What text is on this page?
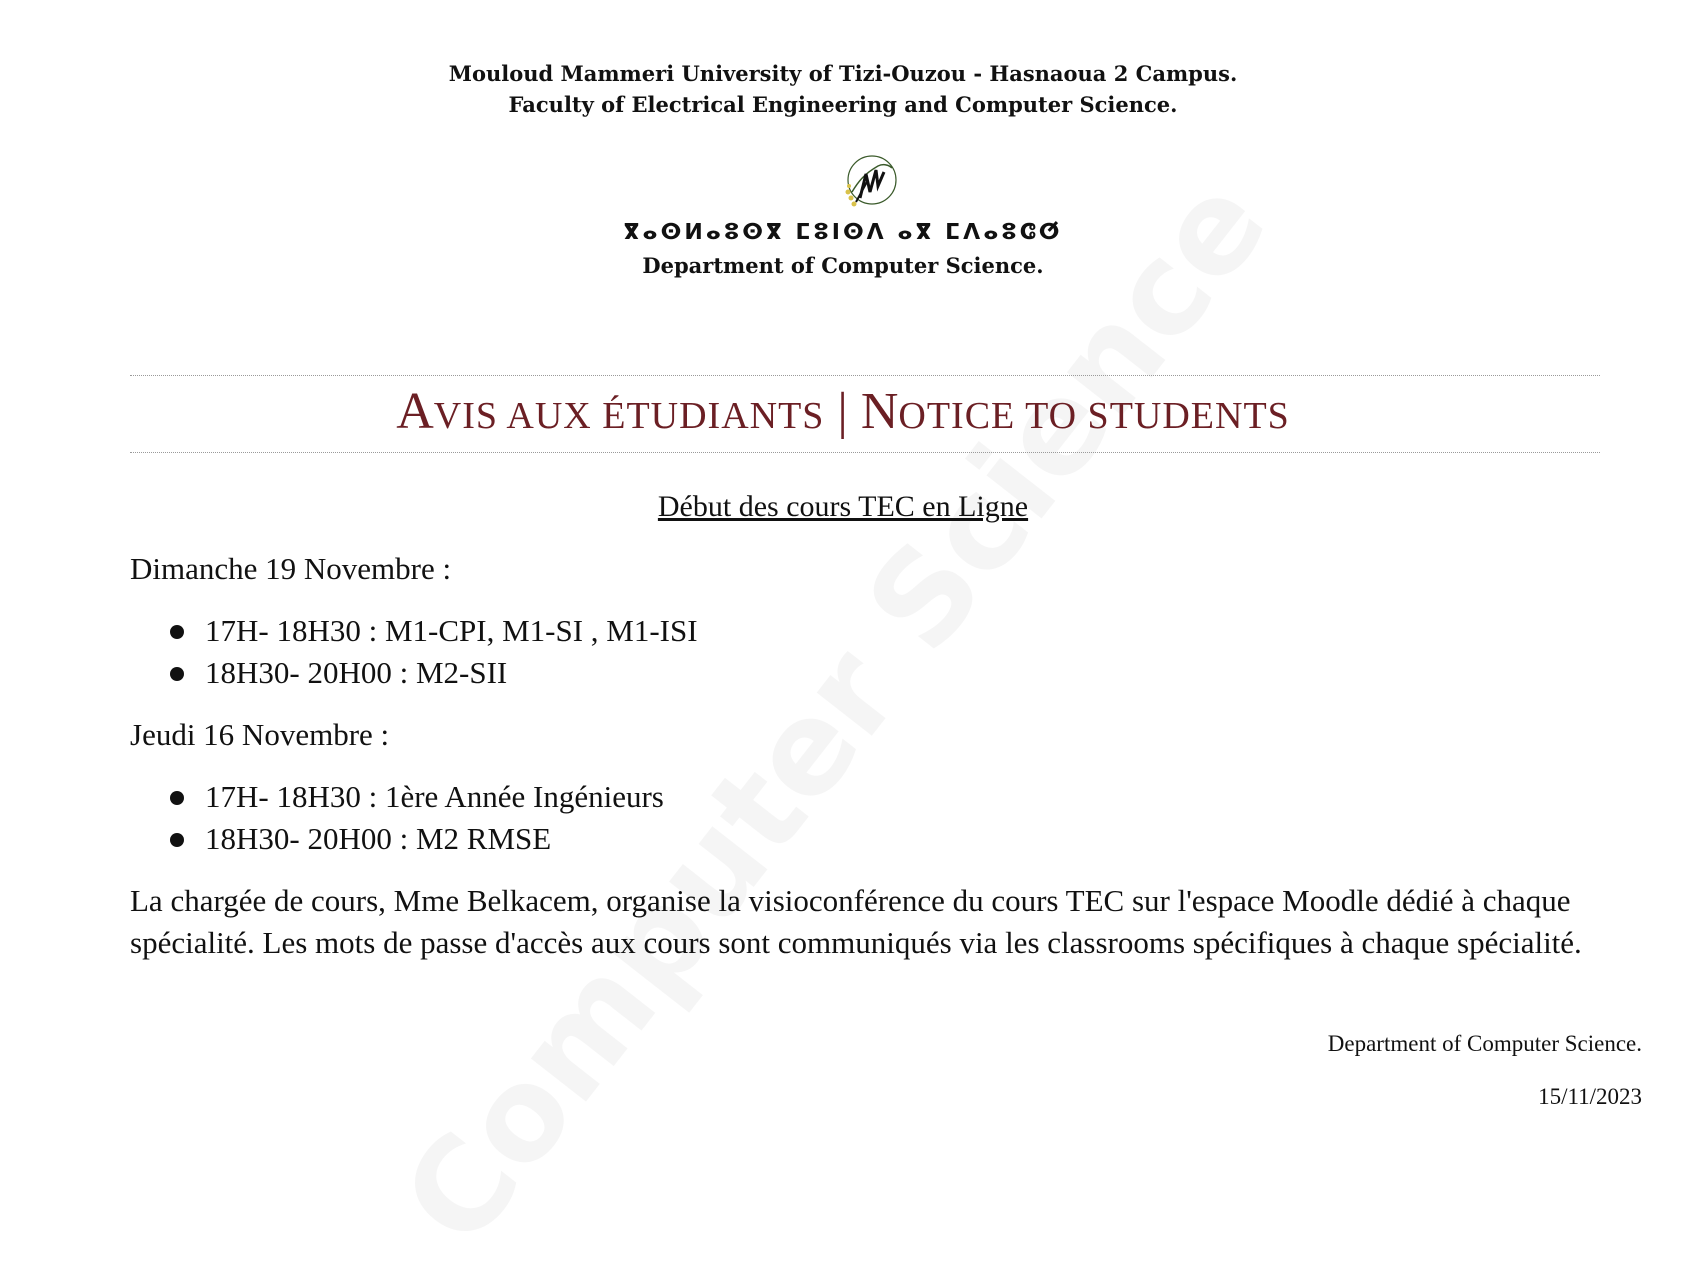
Mouloud Mammeri University of Tizi-Ouzou - Hasnaoua 2 Campus.
Faculty of Electrical Engineering and Computer Science.
ⴳⴰⵙⵍⴰⵓⵙⴳ ⵎⵓⵏⵙⴷ ⴰⴳ ⵎⴷⴰⵓⵛⵚ
Department of Computer Science.
AVIS AUX ÉTUDIANTS | NOTICE TO STUDENTS
Début des cours TEC en Ligne
Dimanche 19 Novembre :
17H- 18H30 : M1-CPI, M1-SI , M1-ISI
18H30- 20H00 : M2-SII
Jeudi 16 Novembre :
17H- 18H30 : 1ère Année Ingénieurs
18H30- 20H00 : M2 RMSE
La chargée de cours, Mme Belkacem, organise la visioconférence du cours TEC sur l'espace Moodle dédié à chaque spécialité. Les mots de passe d'accès aux cours sont communiqués via les classrooms spécifiques à chaque spécialité.
Department of Computer Science.
15/11/2023
